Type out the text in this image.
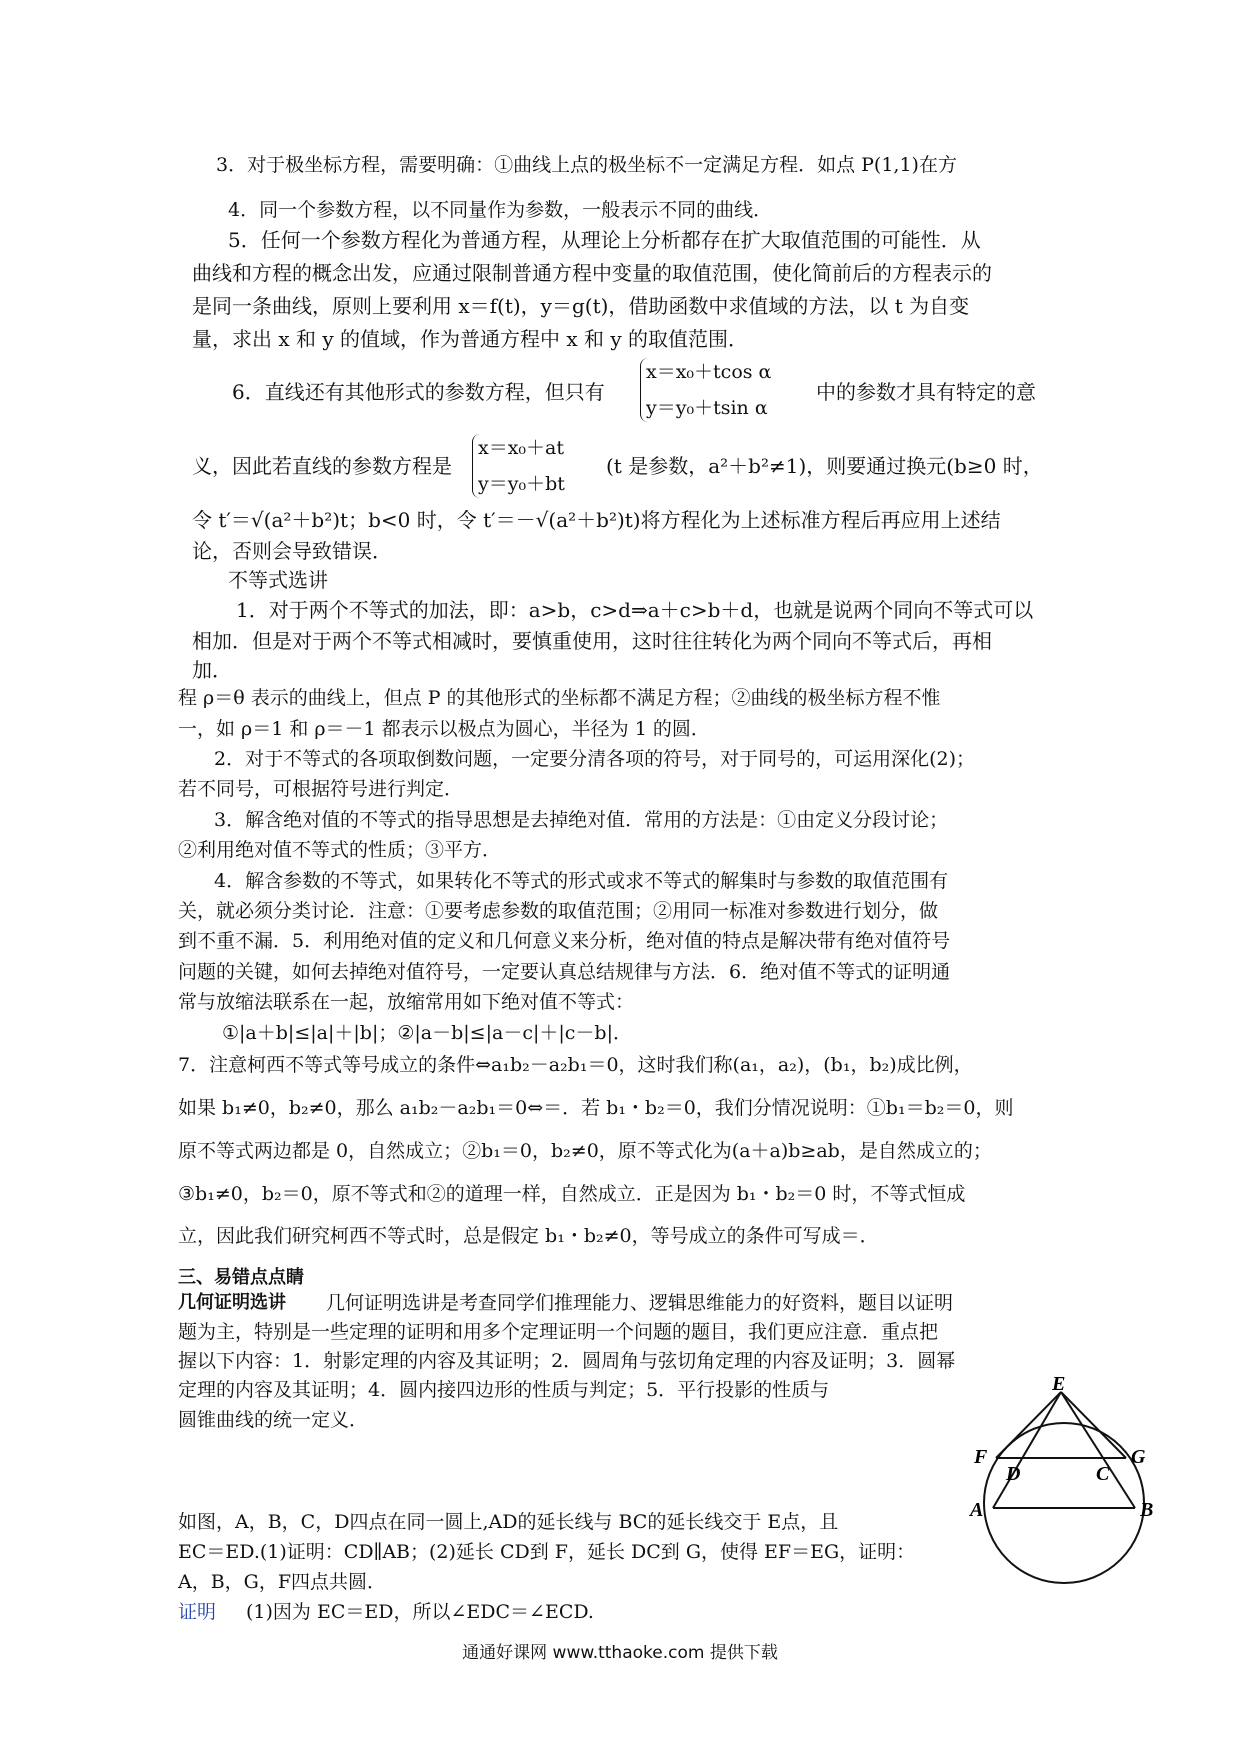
3．对于极坐标方程，需要明确：①曲线上点的极坐标不一定满足方程．如点 P(1,1)在方
4．同一个参数方程，以不同量作为参数，一般表示不同的曲线．
5．任何一个参数方程化为普通方程，从理论上分析都存在扩大取值范围的可能性．从
曲线和方程的概念出发，应通过限制普通方程中变量的取值范围，使化简前后的方程表示的
是同一条曲线，原则上要利用 x＝f(t)，y＝g(t)，借助函数中求值域的方法，以 t 为自变
量，求出 x 和 y 的值域，作为普通方程中 x 和 y 的取值范围．
6．直线还有其他形式的参数方程，但只有
x＝x₀＋tcos α
y＝y₀＋tsin α
中的参数才具有特定的意
义，因此若直线的参数方程是
x＝x₀＋at
y＝y₀＋bt
(t 是参数，a²＋b²≠1)，则要通过换元(b≥0 时，
令 t′＝√(a²＋b²)t；b<0 时，令 t′＝－√(a²＋b²)t)将方程化为上述标准方程后再应用上述结
论，否则会导致错误．
不等式选讲
1．对于两个不等式的加法，即：a>b，c>d⇒a＋c>b＋d，也就是说两个同向不等式可以
相加．但是对于两个不等式相减时，要慎重使用，这时往往转化为两个同向不等式后，再相
加．
程 ρ＝θ 表示的曲线上，但点 P 的其他形式的坐标都不满足方程；②曲线的极坐标方程不惟
一，如 ρ＝1 和 ρ＝－1 都表示以极点为圆心，半径为 1 的圆．
2．对于不等式的各项取倒数问题，一定要分清各项的符号，对于同号的，可运用深化(2)；
若不同号，可根据符号进行判定．
3．解含绝对值的不等式的指导思想是去掉绝对值．常用的方法是：①由定义分段讨论；
②利用绝对值不等式的性质；③平方．
4．解含参数的不等式，如果转化不等式的形式或求不等式的解集时与参数的取值范围有
关，就必须分类讨论．注意：①要考虑参数的取值范围；②用同一标准对参数进行划分，做
到不重不漏．5．利用绝对值的定义和几何意义来分析，绝对值的特点是解决带有绝对值符号
问题的关键，如何去掉绝对值符号，一定要认真总结规律与方法．6．绝对值不等式的证明通
常与放缩法联系在一起，放缩常用如下绝对值不等式：
①|a＋b|≤|a|＋|b|；②|a－b|≤|a－c|＋|c－b|．
7．注意柯西不等式等号成立的条件⇔a₁b₂－a₂b₁＝0，这时我们称(a₁，a₂)，(b₁，b₂)成比例，
如果 b₁≠0，b₂≠0，那么 a₁b₂－a₂b₁＝0⇔＝．若 b₁・b₂＝0，我们分情况说明：①b₁＝b₂＝0，则
原不等式两边都是 0，自然成立；②b₁＝0，b₂≠0，原不等式化为(a＋a)b≥ab，是自然成立的；
③b₁≠0，b₂＝0，原不等式和②的道理一样，自然成立．正是因为 b₁・b₂＝0 时，不等式恒成
立，因此我们研究柯西不等式时，总是假定 b₁・b₂≠0，等号成立的条件可写成＝．
三、易错点点睛
几何证明选讲 几何证明选讲是考查同学们推理能力、逻辑思维能力的好资料，题目以证明
题为主，特别是一些定理的证明和用多个定理证明一个问题的题目，我们更应注意．重点把
握以下内容：1．射影定理的内容及其证明；2．圆周角与弦切角定理的内容及证明；3．圆幂
定理的内容及其证明；4．圆内接四边形的性质与判定；5．平行投影的性质与
圆锥曲线的统一定义．
如图，A，B，C，D四点在同一圆上,AD的延长线与 BC的延长线交于 E点，且
EC＝ED.(1)证明：CD∥AB；(2)延长 CD到 F，延长 DC到 G，使得 EF＝EG，证明：
A，B，G，F四点共圆．
证明 (1)因为 EC＝ED，所以∠EDC＝∠ECD.
E
F	G
D	C
A	B
通通好课网 www.tthaoke.com 提供下载
